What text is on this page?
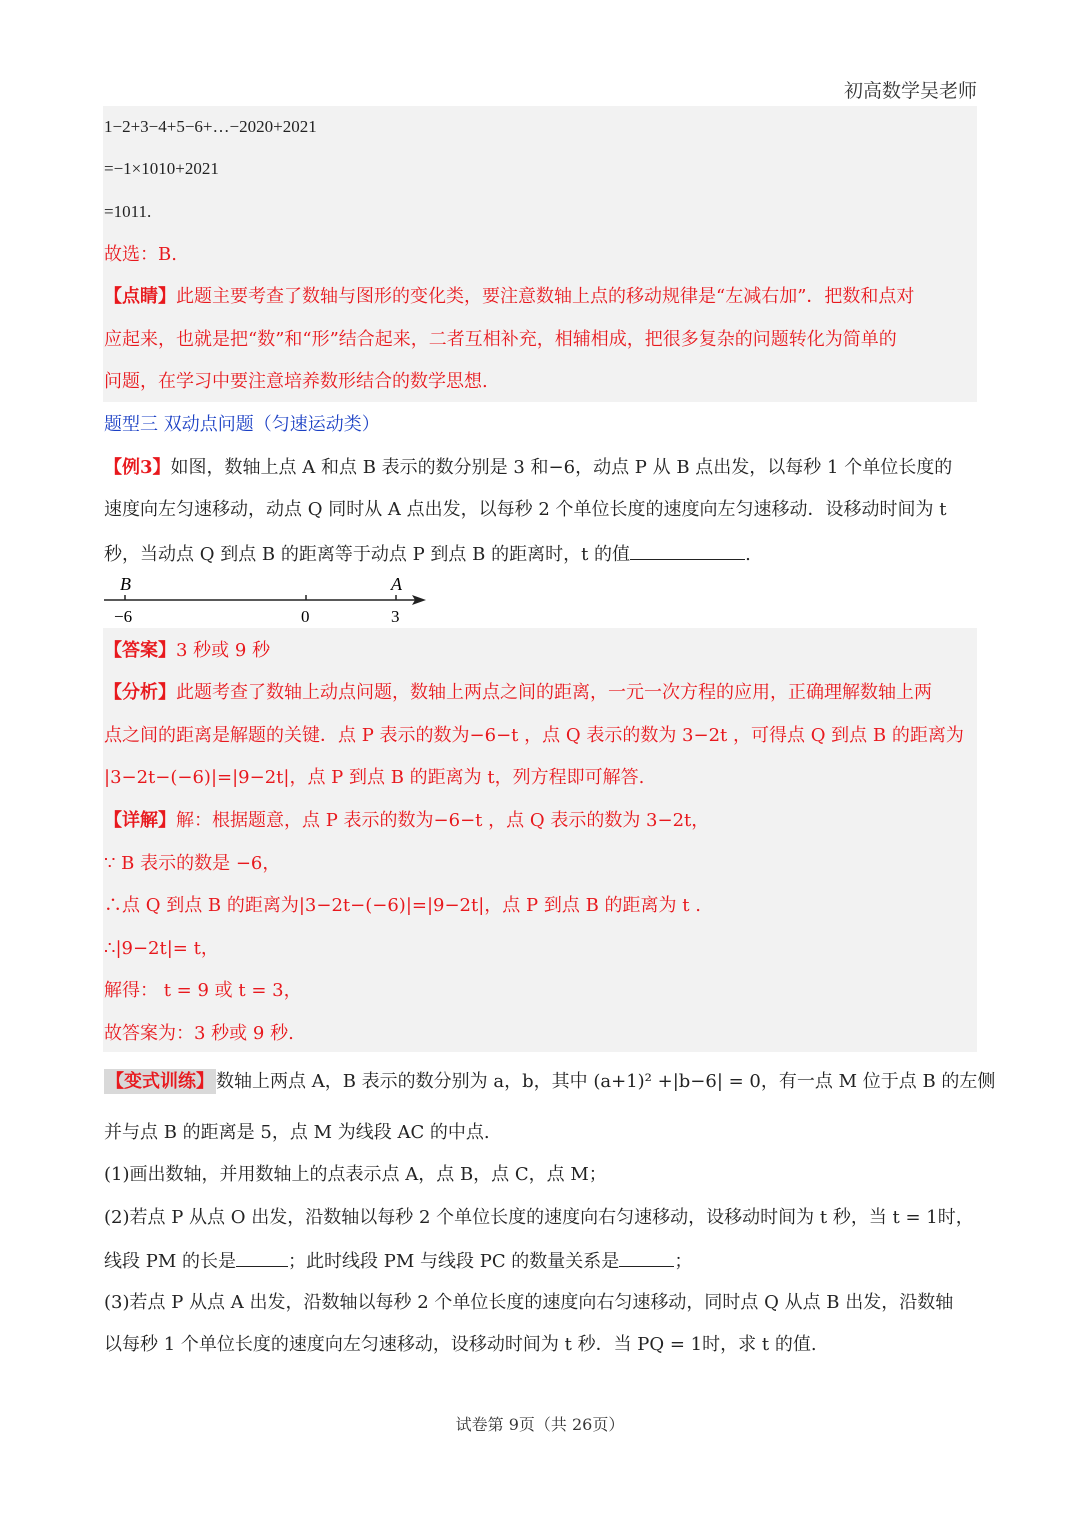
初高数学吴老师
1−2+3−4+5−6+…−2020+2021
=−1×1010+2021
=1011.
故选：B.
【点睛】此题主要考查了数轴与图形的变化类，要注意数轴上点的移动规律是“左减右加”．把数和点对
应起来，也就是把“数”和“形”结合起来，二者互相补充，相辅相成，把很多复杂的问题转化为简单的
问题，在学习中要注意培养数形结合的数学思想.
题型三 双动点问题（匀速运动类）
【例3】如图，数轴上点 A 和点 B 表示的数分别是 3 和−6，动点 P 从 B 点出发，以每秒 1 个单位长度的
速度向左匀速移动，动点 Q 同时从 A 点出发，以每秒 2 个单位长度的速度向左匀速移动．设移动时间为 t
秒，当动点 Q 到点 B 的距离等于动点 P 到点 B 的距离时，t 的值	.
B	A
−6	0	3
【答案】3 秒或 9 秒
【分析】此题考查了数轴上动点问题，数轴上两点之间的距离，一元一次方程的应用，正确理解数轴上两
点之间的距离是解题的关键．点 P 表示的数为−6−t ，点 Q 表示的数为 3−2t ，可得点 Q 到点 B 的距离为
|3−2t−(−6)|=|9−2t|，点 P 到点 B 的距离为 t，列方程即可解答.
【详解】解：根据题意，点 P 表示的数为−6−t ，点 Q 表示的数为 3−2t，
∵ B 表示的数是 −6，
∴点 Q 到点 B 的距离为|3−2t−(−6)|=|9−2t|，点 P 到点 B 的距离为 t .
∴|9−2t|= t，
解得： t = 9 或 t = 3，
故答案为：3 秒或 9 秒.
【变式训练】 数轴上两点 A，B 表示的数分别为 a，b，其中 (a+1)² +|b−6| = 0，有一点 M 位于点 B 的左侧
并与点 B 的距离是 5，点 M 为线段 AC 的中点.
(1)画出数轴，并用数轴上的点表示点 A，点 B，点 C，点 M；
(2)若点 P 从点 O 出发，沿数轴以每秒 2 个单位长度的速度向右匀速移动，设移动时间为 t 秒，当 t = 1时，
线段 PM 的长是	；此时线段 PM 与线段 PC 的数量关系是	；
(3)若点 P 从点 A 出发，沿数轴以每秒 2 个单位长度的速度向右匀速移动，同时点 Q 从点 B 出发，沿数轴
以每秒 1 个单位长度的速度向左匀速移动，设移动时间为 t 秒．当 PQ = 1时，求 t 的值.
试卷第 9页（共 26页）
